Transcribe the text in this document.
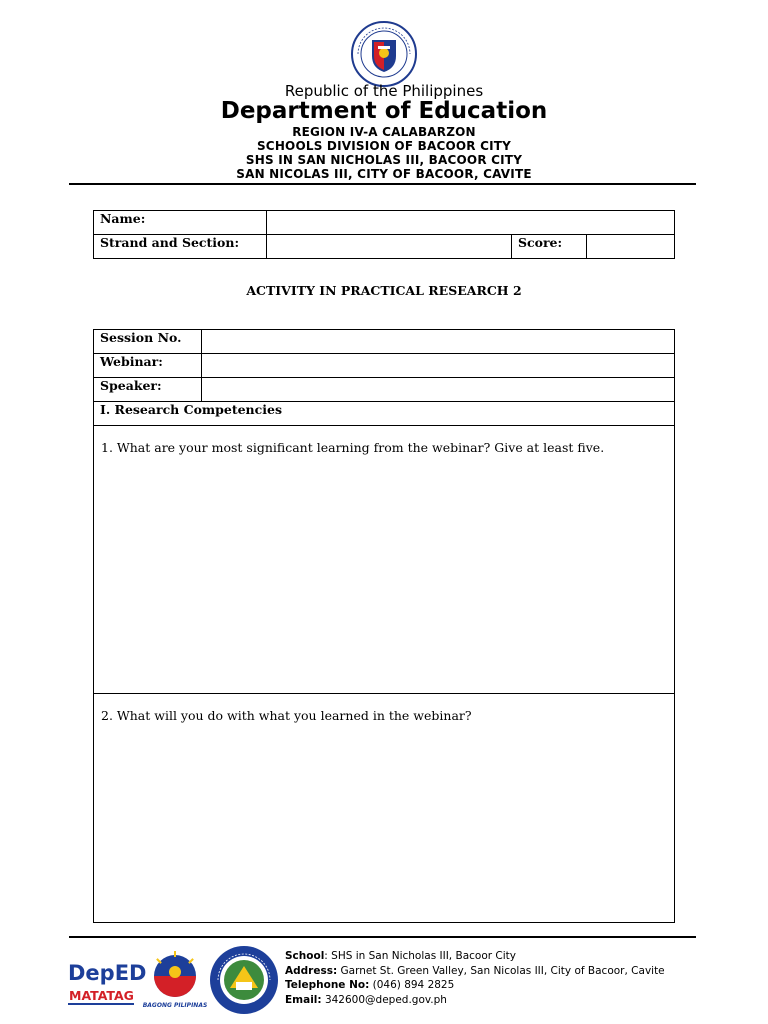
Republic of the Philippines
Department of Education
REGION IV-A CALABARZON
SCHOOLS DIVISION OF BACOOR CITY
SHS IN SAN NICHOLAS III, BACOOR CITY
SAN NICOLAS III, CITY OF BACOOR, CAVITE
Name:			
Strand and Section:		Score:	
ACTIVITY IN PRACTICAL RESEARCH 2
Session No.	
Webinar:	
Speaker:	
I. Research Competencies	
1. What are your most significant learning from the webinar? Give at least five.	
2. What will you do with what you learned in the webinar?	
DepED
MATATAG
BAGONG PILIPINAS
School: SHS in San Nicholas III, Bacoor City
Address: Garnet St. Green Valley, San Nicolas III, City of Bacoor, Cavite
Telephone No: (046) 894 2825
Email: 342600@deped.gov.ph
